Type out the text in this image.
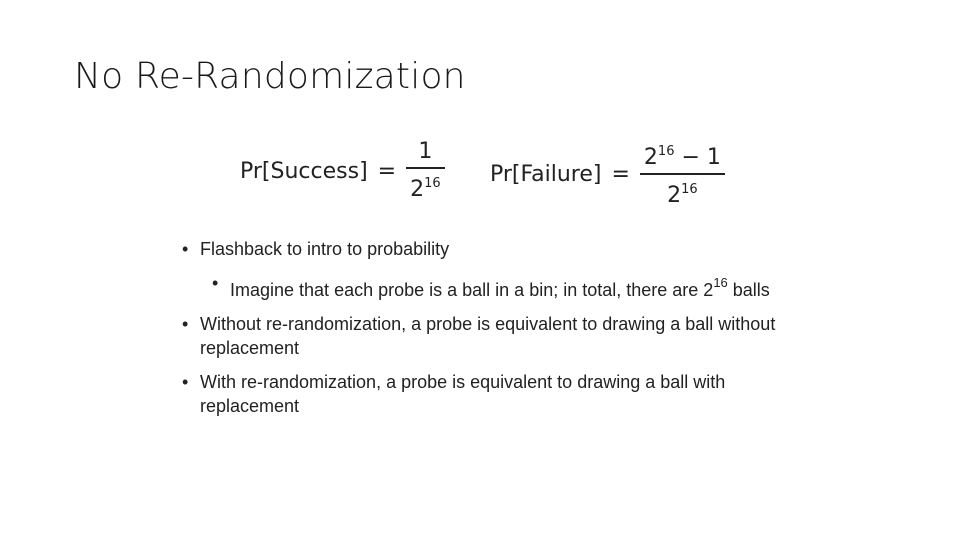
No Re-Randomization
Pr[Success] = $\frac{1}{2^{16}}$ Pr[Failure] = $\frac{2^{16} - 1}{2^{16}}$
• Flashback to intro to probability
• Imagine that each probe is a ball in a bin; in total, there are $2^{16}$ balls
• Without re-randomization, a probe is equivalent to drawing a ball without replacement
• With re-randomization, a probe is equivalent to drawing a ball with replacement
